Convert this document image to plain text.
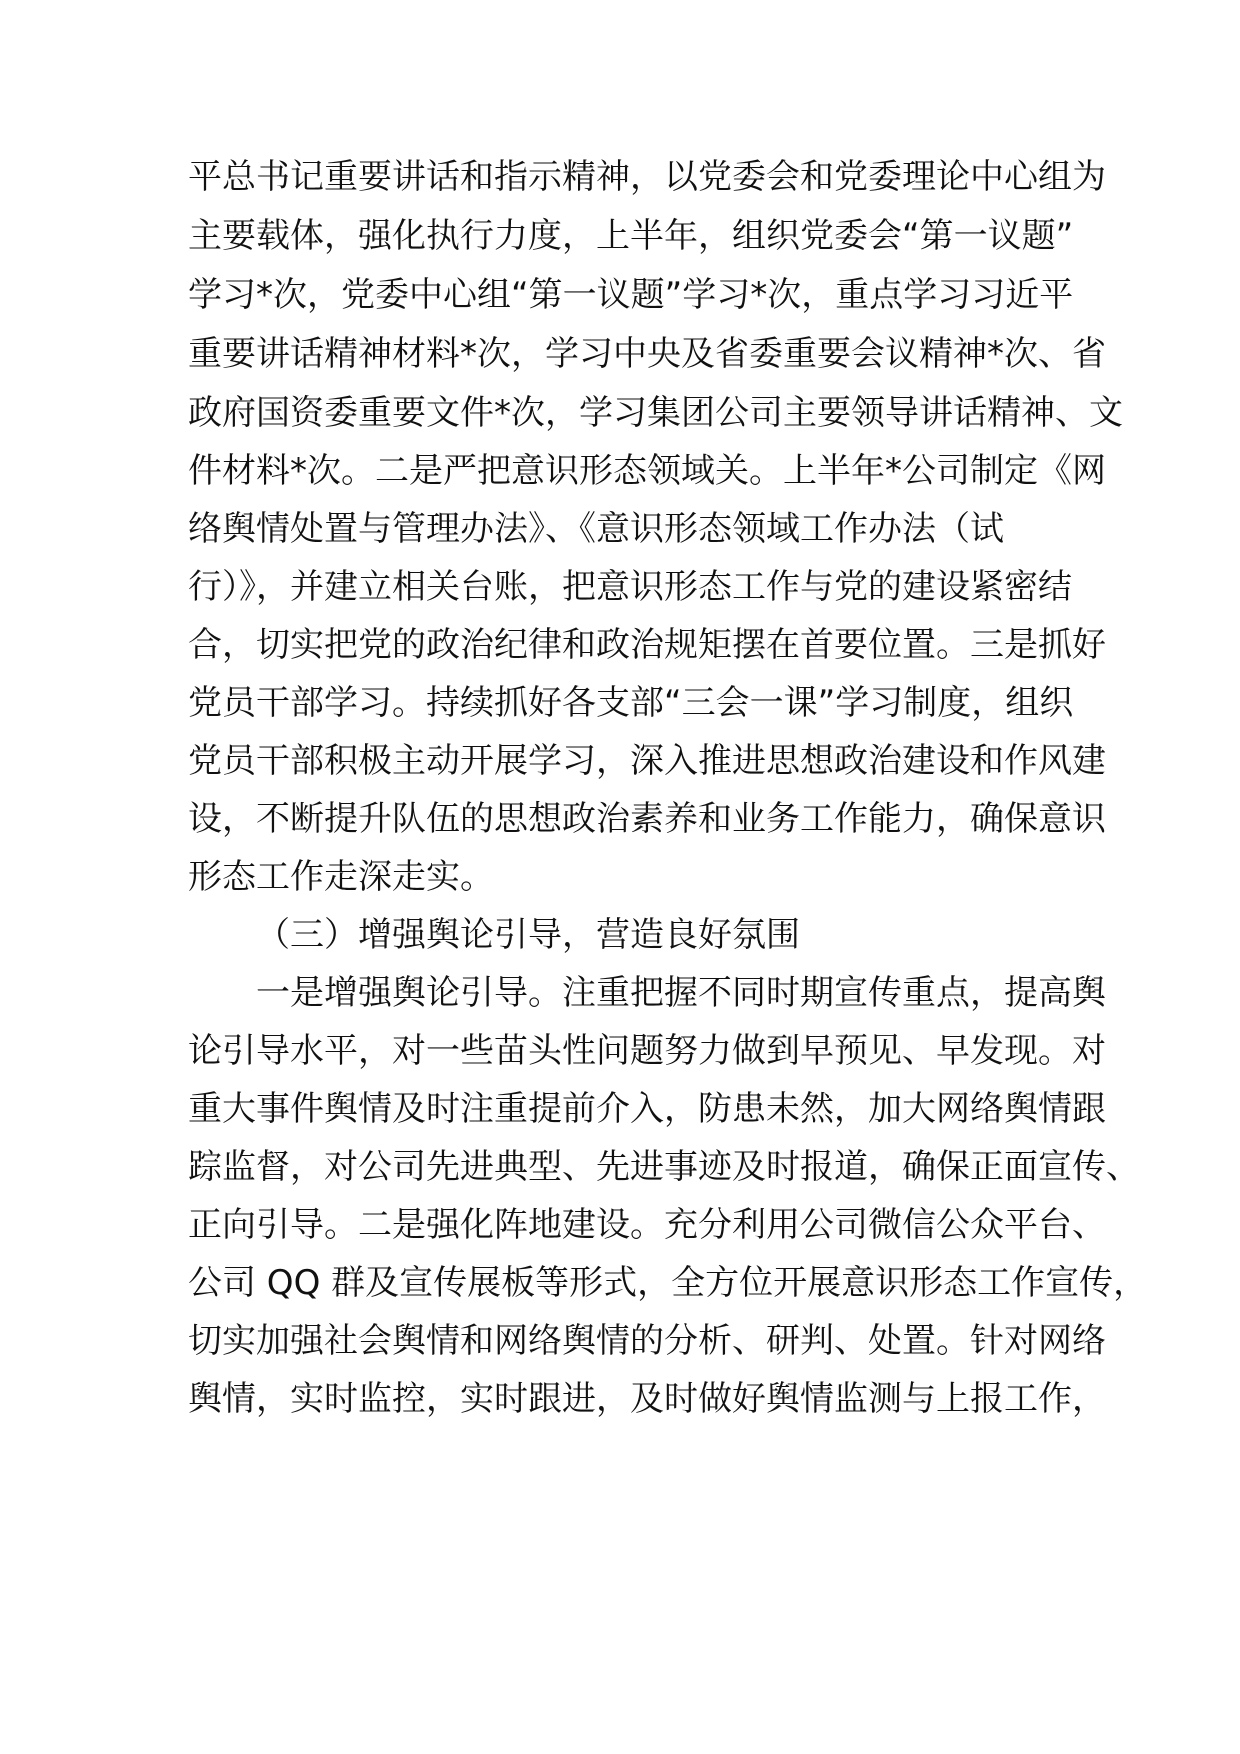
平总书记重要讲话和指示精神，以党委会和党委理论中心组为
主要载体，强化执行力度，上半年，组织党委会“第一议题”
学习*次，党委中心组“第一议题”学习*次，重点学习习近平
重要讲话精神材料*次，学习中央及省委重要会议精神*次、省
政府国资委重要文件*次，学习集团公司主要领导讲话精神、文
件材料*次。二是严把意识形态领域关。上半年*公司制定《网
络舆情处置与管理办法》、《意识形态领域工作办法（试
行）》，并建立相关台账，把意识形态工作与党的建设紧密结
合，切实把党的政治纪律和政治规矩摆在首要位置。三是抓好
党员干部学习。持续抓好各支部“三会一课”学习制度，组织
党员干部积极主动开展学习，深入推进思想政治建设和作风建
设，不断提升队伍的思想政治素养和业务工作能力，确保意识
形态工作走深走实。
（三）增强舆论引导，营造良好氛围
一是增强舆论引导。注重把握不同时期宣传重点，提高舆
论引导水平，对一些苗头性问题努力做到早预见、早发现。对
重大事件舆情及时注重提前介入，防患未然，加大网络舆情跟
踪监督，对公司先进典型、先进事迹及时报道，确保正面宣传、
正向引导。二是强化阵地建设。充分利用公司微信公众平台、
公司 QQ 群及宣传展板等形式，全方位开展意识形态工作宣传，
切实加强社会舆情和网络舆情的分析、研判、处置。针对网络
舆情，实时监控，实时跟进，及时做好舆情监测与上报工作，
